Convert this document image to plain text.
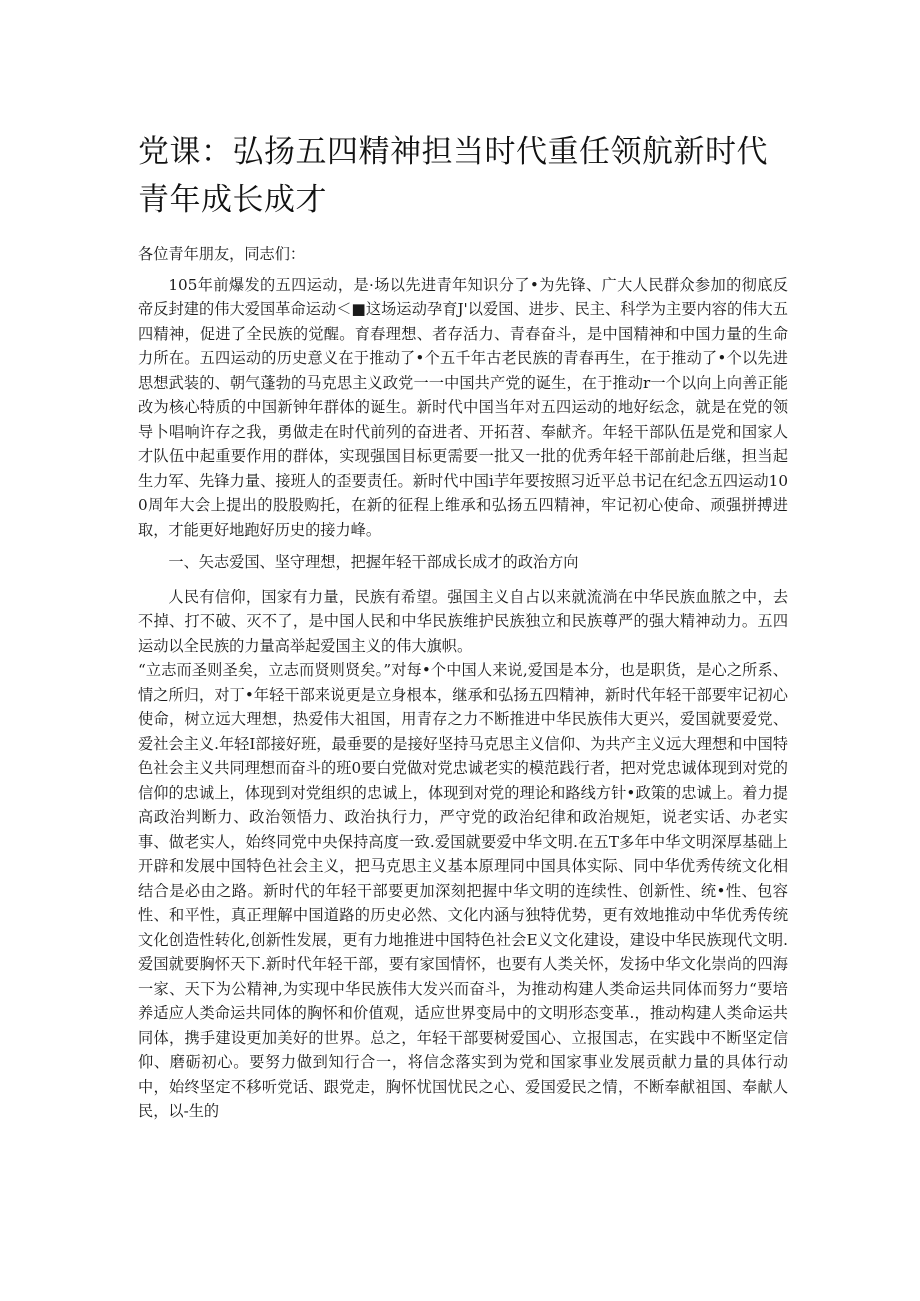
党课：弘扬五四精神担当时代重任领航新时代青年成长成才

各位青年朋友，同志们：

105年前爆发的五四运动，是·场以先进青年知识分了•为先锋、广大人民群众参加的彻底反帝反封建的伟大爱国革命运动＜■这场运动孕育J'以爱国、进步、民主、科学为主要内容的伟大五四精神，促进了全民族的觉醒。育春理想、者存活力、青春奋斗，是中国精神和中国力量的生命力所在。五四运动的历史意义在于推动了•个五千年古老民族的青春再生，在于推动了•个以先进思想武装的、朝气蓬勃的马克思主义政党一一中国共产党的诞生，在于推动r一个以向上向善正能改为核心特质的中国新钟年群体的诞生。新时代中国当年对五四运动的地好纭念，就是在党的领导卜唱响许存之我，勇做走在时代前列的奋进者、开拓苕、奉献齐。年轻干部队伍是党和国家人才队伍中起重要作用的群体，实现强国目标更需要一批又一批的优秀年轻干部前赴后继，担当起生力军、先锋力量、接班人的歪要责任。新时代中国i芋年要按照习近平总书记在纪念五四运动100周年大会上提出的股股购托，在新的征程上维承和弘扬五四精神，牢记初心使命、顽强拼搏进取，才能更好地跑好历史的接力峰。

一、矢志爱国、坚守理想，把握年轻干部成长成才的政治方向

人民有信仰，国家有力量，民族有希望。强国主义自占以来就流淌在中华民族血脓之中，去不掉、打不破、灭不了，是中国人民和中华民族维护民族独立和民族尊严的强大精神动力。五四运动以全民族的力量高举起爱国主义的伟大旗帜。

“立志而圣则圣矣，立志而贤则贤矣。”对每•个中国人来说,爱国是本分，也是职货，是心之所系、情之所归，对丁•年轻干部来说更是立身根本，继承和弘扬五四精神，新时代年轻干部要牢记初心使命，树立远大理想，热爱伟大祖国，用青存之力不断推进中华民族伟大更兴，爱国就要爱党、爱社会主义.年轻I部接好班，最垂要的是接好坚持马克思主义信仰、为共产主义远大理想和中国特色社会主义共同理想而奋斗的班0要白党做对党忠诚老实的模范践行者，把对党忠诚体现到对党的信仰的忠诚上，体现到对党组织的忠诚上，体现到对党的理论和路线方针•政策的忠诚上。着力提高政治判断力、政治领悟力、政治执行力，严守党的政治纪律和政治规矩，说老实话、办老实事、做老实人，始终同党中央保持高度一致.爱国就要爱中华文明.在五T多年中华文明深厚基础上开辟和发展中国特色社会主义，把马克思主义基本原理同中国具体实际、同中华优秀传统文化相结合是必由之路。新时代的年轻干部要更加深刻把握中华文明的连续性、创新性、统•性、包容性、和平性，真正理解中国道路的历史必然、文化内涵与独特优势，更有效地推动中华优秀传统文化创造性转化,创新性发展，更有力地推进中国特色社会E义文化建设，建设中华民族现代文明.爱国就要胸怀天下.新时代年轻干部，要有家国情怀，也要有人类关怀，发扬中华文化崇尚的四海一家、天下为公精神,为实现中华民族伟大发兴而奋斗，为推动构建人类命运共同体而努力“要培养适应人类命运共同体的胸怀和价值观，适应世界变局中的文明形态变革.，推动构建人类命运共同体，携手建设更加美好的世界。总之，年轻干部要树爱国心、立报国志，在实践中不断坚定信仰、磨砺初心。要努力做到知行合一，将信念落实到为党和国家事业发展贡献力量的具体行动中，始终坚定不移听党话、跟党走，胸怀忧国忧民之心、爱国爱民之情，不断奉献祖国、奉献人民，以-生的
